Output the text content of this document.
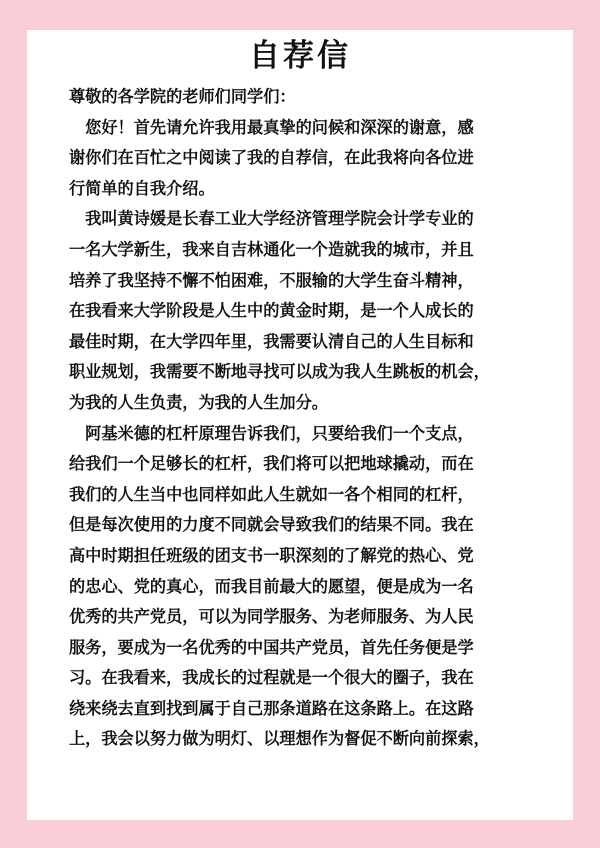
自荐信
尊敬的各学院的老师们同学们：
　您好！首先请允许我用最真挚的问候和深深的谢意，感
谢你们在百忙之中阅读了我的自荐信，在此我将向各位进
行简单的自我介绍。
　我叫黄诗媛是长春工业大学经济管理学院会计学专业的
一名大学新生，我来自吉林通化一个造就我的城市，并且
培养了我坚持不懈不怕困难，不服输的大学生奋斗精神，
在我看来大学阶段是人生中的黄金时期，是一个人成长的
最佳时期，在大学四年里，我需要认清自己的人生目标和
职业规划，我需要不断地寻找可以成为我人生跳板的机会，
为我的人生负责，为我的人生加分。
　阿基米德的杠杆原理告诉我们，只要给我们一个支点，
给我们一个足够长的杠杆，我们将可以把地球撬动，而在
我们的人生当中也同样如此人生就如一各个相同的杠杆，
但是每次使用的力度不同就会导致我们的结果不同。我在
高中时期担任班级的团支书一职深刻的了解党的热心、党
的忠心、党的真心，而我目前最大的愿望，便是成为一名
优秀的共产党员，可以为同学服务、为老师服务、为人民
服务，要成为一名优秀的中国共产党员，首先任务便是学
习。在我看来，我成长的过程就是一个很大的圈子，我在
绕来绕去直到找到属于自己那条道路在这条路上。在这路
上，我会以努力做为明灯、以理想作为督促不断向前探索，
